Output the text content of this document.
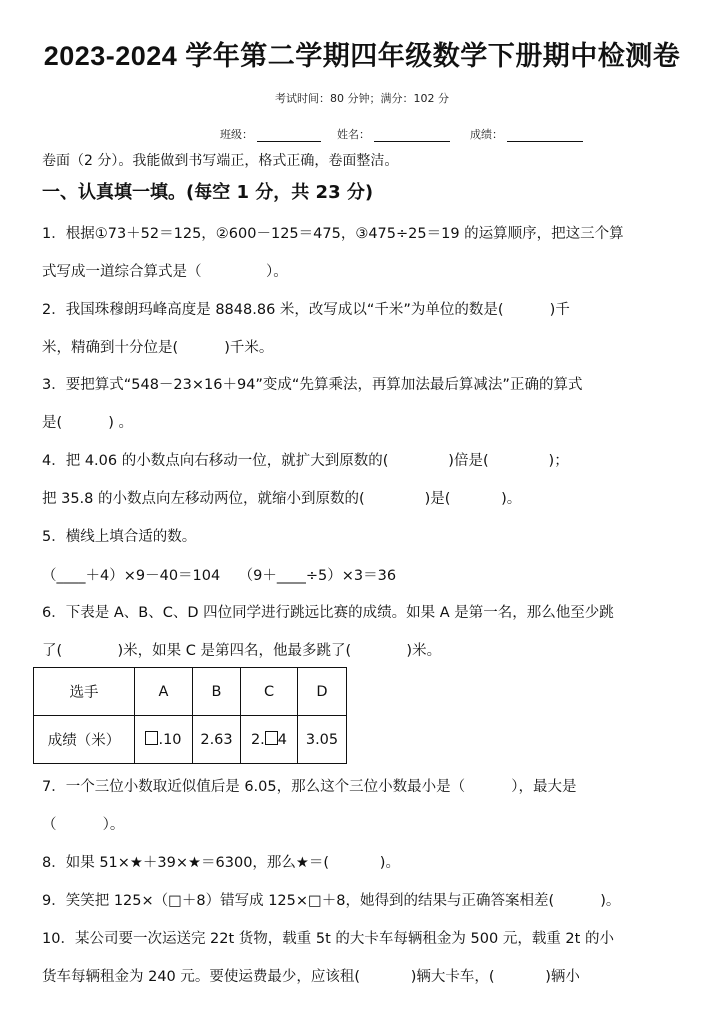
2023-2024 学年第二学期四年级数学下册期中检测卷
考试时间：80 分钟；满分：102 分
班级：	姓名：	成绩：
卷面（2 分）。我能做到书写端正，格式正确，卷面整洁。
一、认真填一填。(每空 1 分，共 23 分)
1．根据①73＋52＝125，②600－125＝475，③475÷25＝19 的运算顺序，把这三个算
式写成一道综合算式是（              ）。
2．我国珠穆朗玛峰高度是 8848.86 米，改写成以“千米”为单位的数是(          )千
米，精确到十分位是(          )千米。
3．要把算式“548－23×16＋94”变成“先算乘法，再算加法最后算减法”正确的算式
是(          ) 。
4．把 4.06 的小数点向右移动一位，就扩大到原数的(             )倍是(             )；
把 35.8 的小数点向左移动两位，就缩小到原数的(             )是(           )。
5．横线上填合适的数。
（____＋4）×9－40＝104    （9＋____÷5）×3＝36
6．下表是 A、B、C、D 四位同学进行跳远比赛的成绩。如果 A 是第一名，那么他至少跳
了(            )米，如果 C 是第四名，他最多跳了(            )米。
选手	A	B	C	D
成绩（米）	.10	2.63	2. 4	3.05
7．一个三位小数取近似值后是 6.05，那么这个三位小数最小是（          ），最大是
（          ）。
8．如果 51×★＋39×★＝6300，那么★＝(           )。
9．笑笑把 125×（□＋8）错写成 125×□＋8，她得到的结果与正确答案相差(          )。
10．某公司要一次运送完 22t 货物，载重 5t 的大卡车每辆租金为 500 元，载重 2t 的小
货车每辆租金为 240 元。要使运费最少，应该租(           )辆大卡车，(           )辆小
